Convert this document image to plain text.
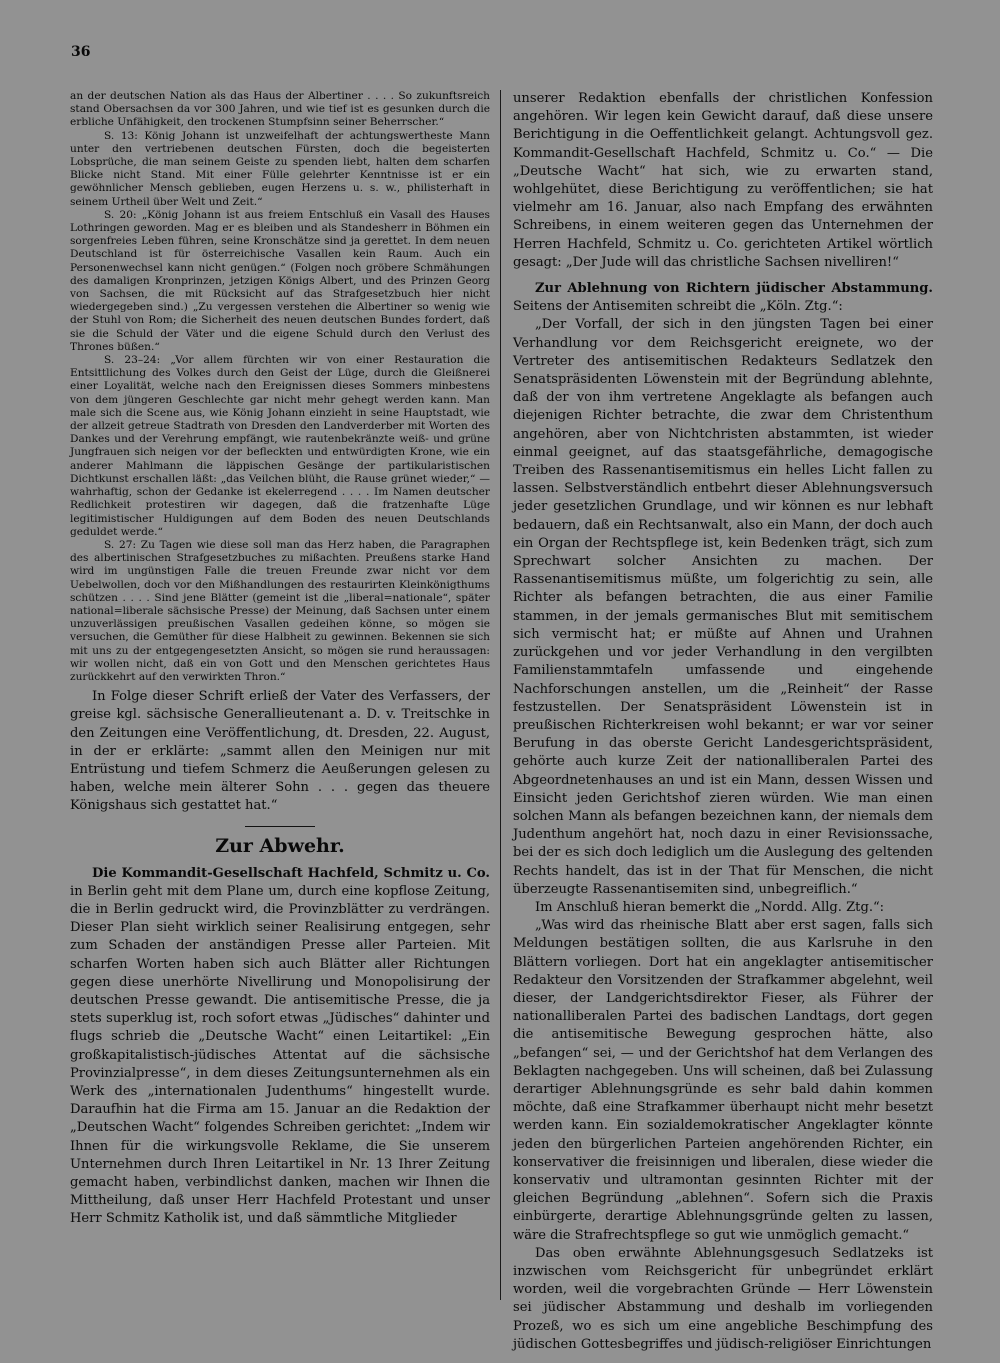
36

an der deutschen Nation als das Haus der Albertiner . . . . So zukunftsreich stand Obersachsen da vor 300 Jahren, und wie tief ist es gesunken durch die erbliche Unfähigkeit, den trockenen Stumpfsinn seiner Beherrscher.“

S. 13: König Johann ist unzweifelhaft der achtungswertheste Mann unter den vertriebenen deutschen Fürsten, doch die begeisterten Lobsprüche, die man seinem Geiste zu spenden liebt, halten dem scharfen Blicke nicht Stand. Mit einer Fülle gelehrter Kenntnisse ist er ein gewöhnlicher Mensch geblieben, eugen Herzens u. s. w., philisterhaft in seinem Urtheil über Welt und Zeit.“

S. 20: „König Johann ist aus freiem Entschluß ein Vasall des Hauses Lothringen geworden. Mag er es bleiben und als Standesherr in Böhmen ein sorgenfreies Leben führen, seine Kronschätze sind ja gerettet. In dem neuen Deutschland ist für österreichische Vasallen kein Raum. Auch ein Personenwechsel kann nicht genügen.“ (Folgen noch gröbere Schmähungen des damaligen Kronprinzen, jetzigen Königs Albert, und des Prinzen Georg von Sachsen, die mit Rücksicht auf das Strafgesetzbuch hier nicht wiedergegeben sind.) „Zu vergessen verstehen die Albertiner so wenig wie der Stuhl von Rom; die Sicherheit des neuen deutschen Bundes fordert, daß sie die Schuld der Väter und die eigene Schuld durch den Verlust des Thrones büßen.“

S. 23–24: „Vor allem fürchten wir von einer Restauration die Entsittlichung des Volkes durch den Geist der Lüge, durch die Gleißnerei einer Loyalität, welche nach den Ereignissen dieses Sommers minbestens von dem jüngeren Geschlechte gar nicht mehr gehegt werden kann. Man male sich die Scene aus, wie König Johann einzieht in seine Hauptstadt, wie der allzeit getreue Stadtrath von Dresden den Landverderber mit Worten des Dankes und der Verehrung empfängt, wie rautenbekränzte weiß- und grüne Jungfrauen sich neigen vor der befleckten und entwürdigten Krone, wie ein anderer Mahlmann die läppischen Gesänge der partikularistischen Dichtkunst erschallen läßt: „das Veilchen blüht, die Rause grünet wieder,“ — wahrhaftig, schon der Gedanke ist ekelerregend . . . . Im Namen deutscher Redlichkeit protestiren wir dagegen, daß die fratzenhafte Lüge legitimistischer Huldigungen auf dem Boden des neuen Deutschlands geduldet werde.“

S. 27: Zu Tagen wie diese soll man das Herz haben, die Paragraphen des albertinischen Strafgesetzbuches zu mißachten. Preußens starke Hand wird im ungünstigen Falle die treuen Freunde zwar nicht vor dem Uebelwollen, doch vor den Mißhandlungen des restaurirten Kleinkönigthums schützen . . . . Sind jene Blätter (gemeint ist die „liberal=nationale“, später national=liberale sächsische Presse) der Meinung, daß Sachsen unter einem unzuverlässigen preußischen Vasallen gedeihen könne, so mögen sie versuchen, die Gemüther für diese Halbheit zu gewinnen. Bekennen sie sich mit uns zu der entgegengesetzten Ansicht, so mögen sie rund heraussagen: wir wollen nicht, daß ein von Gott und den Menschen gerichtetes Haus zurückkehrt auf den verwirkten Thron.“

In Folge dieser Schrift erließ der Vater des Verfassers, der greise kgl. sächsische Generallieutenant a. D. v. Treitschke in den Zeitungen eine Veröffentlichung, dt. Dresden, 22. August, in der er erklärte: „sammt allen den Meinigen nur mit Entrüstung und tiefem Schmerz die Aeußerungen gelesen zu haben, welche mein älterer Sohn . . . gegen das theuere Königshaus sich gestattet hat.“

Zur Abwehr.

Die Kommandit-Gesellschaft Hachfeld, Schmitz u. Co. in Berlin geht mit dem Plane um, durch eine kopflose Zeitung, die in Berlin gedruckt wird, die Provinzblätter zu verdrängen. Dieser Plan sieht wirklich seiner Realisirung entgegen, sehr zum Schaden der anständigen Presse aller Parteien. Mit scharfen Worten haben sich auch Blätter aller Richtungen gegen diese unerhörte Nivellirung und Monopolisirung der deutschen Presse gewandt. Die antisemitische Presse, die ja stets superklug ist, roch sofort etwas „Jüdisches“ dahinter und flugs schrieb die „Deutsche Wacht“ einen Leitartikel: „Ein großkapitalistisch-jüdisches Attentat auf die sächsische Provinzialpresse“, in dem dieses Zeitungsunternehmen als ein Werk des „internationalen Judenthums“ hingestellt wurde. Daraufhin hat die Firma am 15. Januar an die Redaktion der „Deutschen Wacht“ folgendes Schreiben gerichtet: „Indem wir Ihnen für die wirkungsvolle Reklame, die Sie unserem Unternehmen durch Ihren Leitartikel in Nr. 13 Ihrer Zeitung gemacht haben, verbindlichst danken, machen wir Ihnen die Mittheilung, daß unser Herr Hachfeld Protestant und unser Herr Schmitz Katholik ist, und daß sämmtliche Mitglieder

unserer Redaktion ebenfalls der christlichen Konfession angehören. Wir legen kein Gewicht darauf, daß diese unsere Berichtigung in die Oeffentlichkeit gelangt. Achtungsvoll gez. Kommandit-Gesellschaft Hachfeld, Schmitz u. Co.“ — Die „Deutsche Wacht“ hat sich, wie zu erwarten stand, wohlgehütet, diese Berichtigung zu veröffentlichen; sie hat vielmehr am 16. Januar, also nach Empfang des erwähnten Schreibens, in einem weiteren gegen das Unternehmen der Herren Hachfeld, Schmitz u. Co. gerichteten Artikel wörtlich gesagt: „Der Jude will das christliche Sachsen nivelliren!“

Zur Ablehnung von Richtern jüdischer Abstammung. Seitens der Antisemiten schreibt die „Köln. Ztg.“:

„Der Vorfall, der sich in den jüngsten Tagen bei einer Verhandlung vor dem Reichsgericht ereignete, wo der Vertreter des antisemitischen Redakteurs Sedlatzek den Senatspräsidenten Löwenstein mit der Begründung ablehnte, daß der von ihm vertretene Angeklagte als befangen auch diejenigen Richter betrachte, die zwar dem Christenthum angehören, aber von Nichtchristen abstammten, ist wieder einmal geeignet, auf das staatsgefährliche, demagogische Treiben des Rassenantisemitismus ein helles Licht fallen zu lassen. Selbstverständlich entbehrt dieser Ablehnungsversuch jeder gesetzlichen Grundlage, und wir können es nur lebhaft bedauern, daß ein Rechtsanwalt, also ein Mann, der doch auch ein Organ der Rechtspflege ist, kein Bedenken trägt, sich zum Sprechwart solcher Ansichten zu machen. Der Rassenantisemitismus müßte, um folgerichtig zu sein, alle Richter als befangen betrachten, die aus einer Familie stammen, in der jemals germanisches Blut mit semitischem sich vermischt hat; er müßte auf Ahnen und Urahnen zurückgehen und vor jeder Verhandlung in den vergilbten Familienstammtafeln umfassende und eingehende Nachforschungen anstellen, um die „Reinheit“ der Rasse festzustellen. Der Senatspräsident Löwenstein ist in preußischen Richterkreisen wohl bekannt; er war vor seiner Berufung in das oberste Gericht Landesgerichtspräsident, gehörte auch kurze Zeit der nationalliberalen Partei des Abgeordnetenhauses an und ist ein Mann, dessen Wissen und Einsicht jeden Gerichtshof zieren würden. Wie man einen solchen Mann als befangen bezeichnen kann, der niemals dem Judenthum angehört hat, noch dazu in einer Revisionssache, bei der es sich doch lediglich um die Auslegung des geltenden Rechts handelt, das ist in der That für Menschen, die nicht überzeugte Rassenantisemiten sind, unbegreiflich.“

Im Anschluß hieran bemerkt die „Nordd. Allg. Ztg.“:

„Was wird das rheinische Blatt aber erst sagen, falls sich Meldungen bestätigen sollten, die aus Karlsruhe in den Blättern vorliegen. Dort hat ein angeklagter antisemitischer Redakteur den Vorsitzenden der Strafkammer abgelehnt, weil dieser, der Landgerichtsdirektor Fieser, als Führer der nationalliberalen Partei des badischen Landtags, dort gegen die antisemitische Bewegung gesprochen hätte, also „befangen“ sei, — und der Gerichtshof hat dem Verlangen des Beklagten nachgegeben. Uns will scheinen, daß bei Zulassung derartiger Ablehnungsgründe es sehr bald dahin kommen möchte, daß eine Strafkammer überhaupt nicht mehr besetzt werden kann. Ein sozialdemokratischer Angeklagter könnte jeden den bürgerlichen Parteien angehörenden Richter, ein konservativer die freisinnigen und liberalen, diese wieder die konservativ und ultramontan gesinnten Richter mit der gleichen Begründung „ablehnen“. Sofern sich die Praxis einbürgerte, derartige Ablehnungsgründe gelten zu lassen, wäre die Strafrechtspflege so gut wie unmöglich gemacht.“

Das oben erwähnte Ablehnungsgesuch Sedlatzeks ist inzwischen vom Reichsgericht für unbegründet erklärt worden, weil die vorgebrachten Gründe — Herr Löwenstein sei jüdischer Abstammung und deshalb im vorliegenden Prozeß, wo es sich um eine angebliche Beschimpfung des jüdischen Gottesbegriffes und jüdisch-religiöser Einrichtungen
